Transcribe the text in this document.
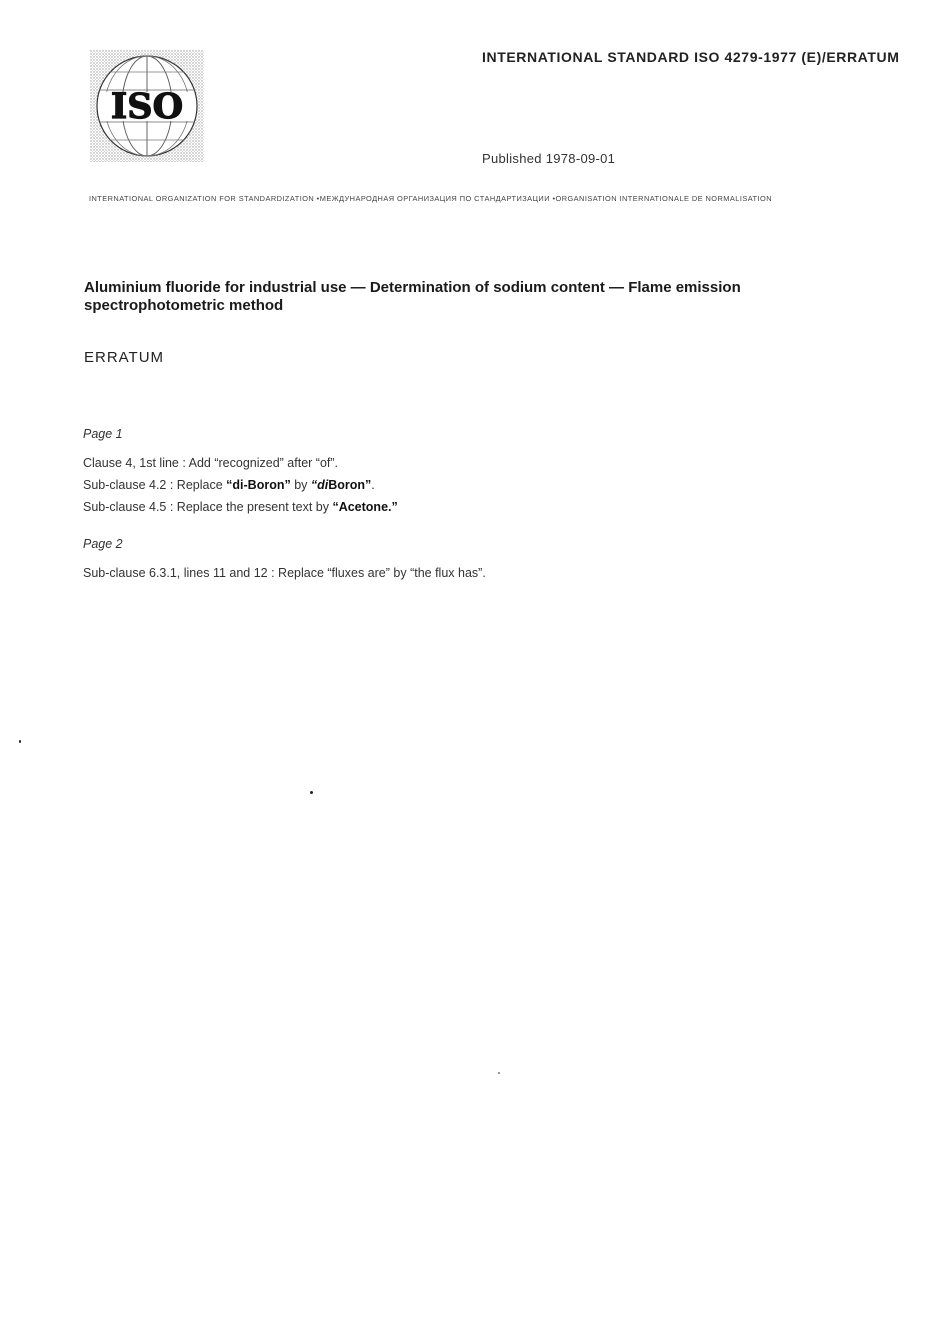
ISO
INTERNATIONAL STANDARD ISO 4279-1977 (E)/ERRATUM
Published 1978-09-01
INTERNATIONAL ORGANIZATION FOR STANDARDIZATION •МЕЖДУНАРОДНАЯ ОРГАНИЗАЦИЯ ПО СТАНДАРТИЗАЦИИ •ORGANISATION INTERNATIONALE DE NORMALISATION
Aluminium fluoride for industrial use — Determination of sodium content — Flame emission
spectrophotometric method
ERRATUM
Page 1
Clause 4, 1st line : Add “recognized” after “of”.
Sub-clause 4.2 : Replace “di-Boron” by “diBoron”.
Sub-clause 4.5 : Replace the present text by “Acetone.”
Page 2
Sub-clause 6.3.1, lines 11 and 12 : Replace “fluxes are” by “the flux has”.
